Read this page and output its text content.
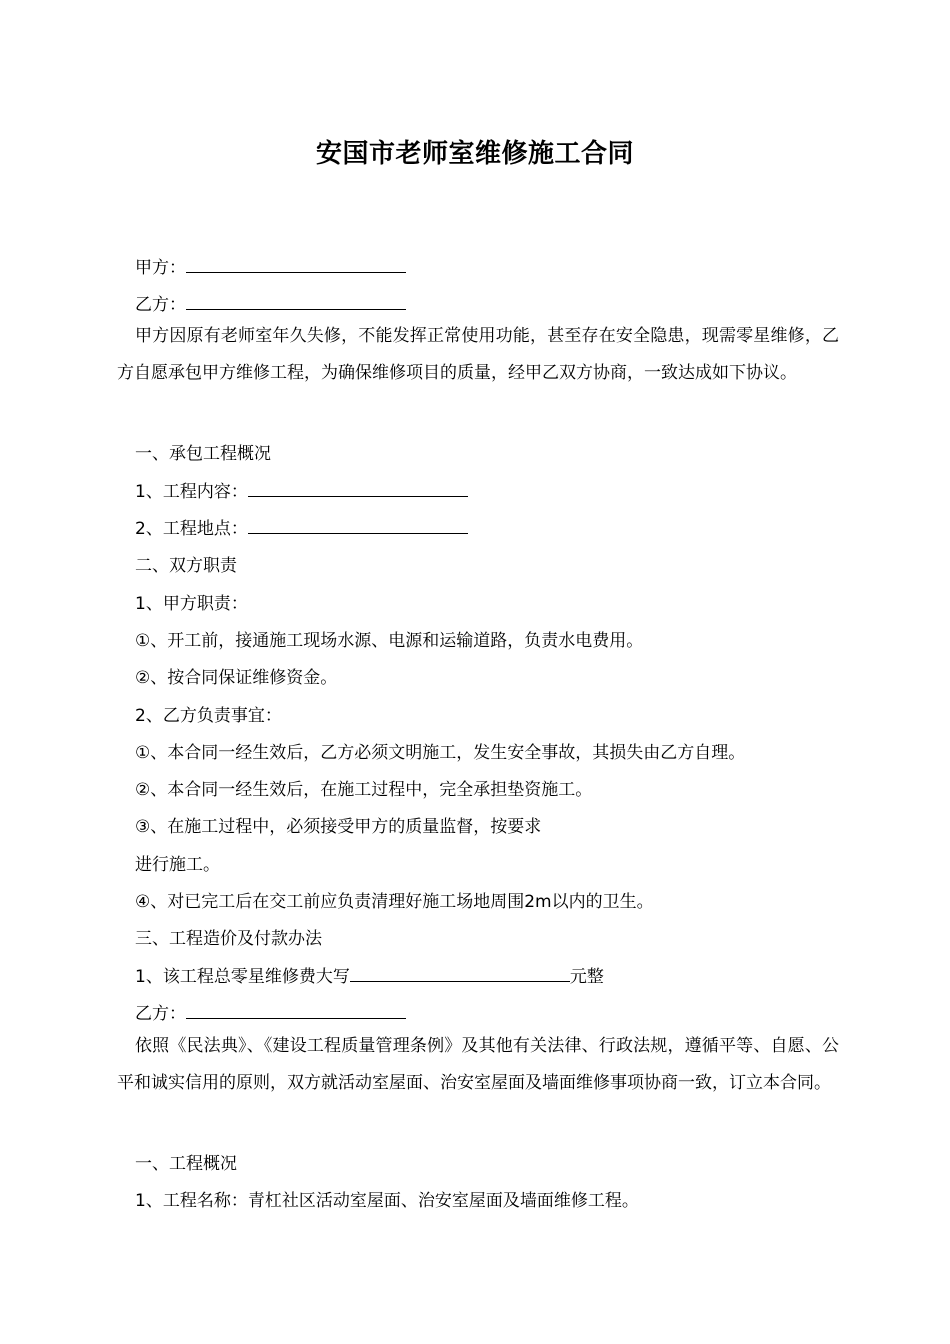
安国市老师室维修施工合同
甲方：
乙方：
甲方因原有老师室年久失修，不能发挥正常使用功能，甚至存在安全隐患，现需零星维修，乙方自愿承包甲方维修工程，为确保维修项目的质量，经甲乙双方协商，一致达成如下协议。
一、承包工程概况
1、工程内容：
2、工程地点：
二、双方职责
1、甲方职责：
①、开工前，接通施工现场水源、电源和运输道路，负责水电费用。
②、按合同保证维修资金。
2、乙方负责事宜：
①、本合同一经生效后，乙方必须文明施工，发生安全事故，其损失由乙方自理。
②、本合同一经生效后，在施工过程中，完全承担垫资施工。
③、在施工过程中，必须接受甲方的质量监督，按要求
进行施工。
④、对已完工后在交工前应负责清理好施工场地周围2m以内的卫生。
三、工程造价及付款办法
1、该工程总零星维修费大写	元整
乙方：
依照《民法典》、《建设工程质量管理条例》及其他有关法律、行政法规，遵循平等、自愿、公平和诚实信用的原则，双方就活动室屋面、治安室屋面及墙面维修事项协商一致，订立本合同。
一、工程概况
1、工程名称：青杠社区活动室屋面、治安室屋面及墙面维修工程。
